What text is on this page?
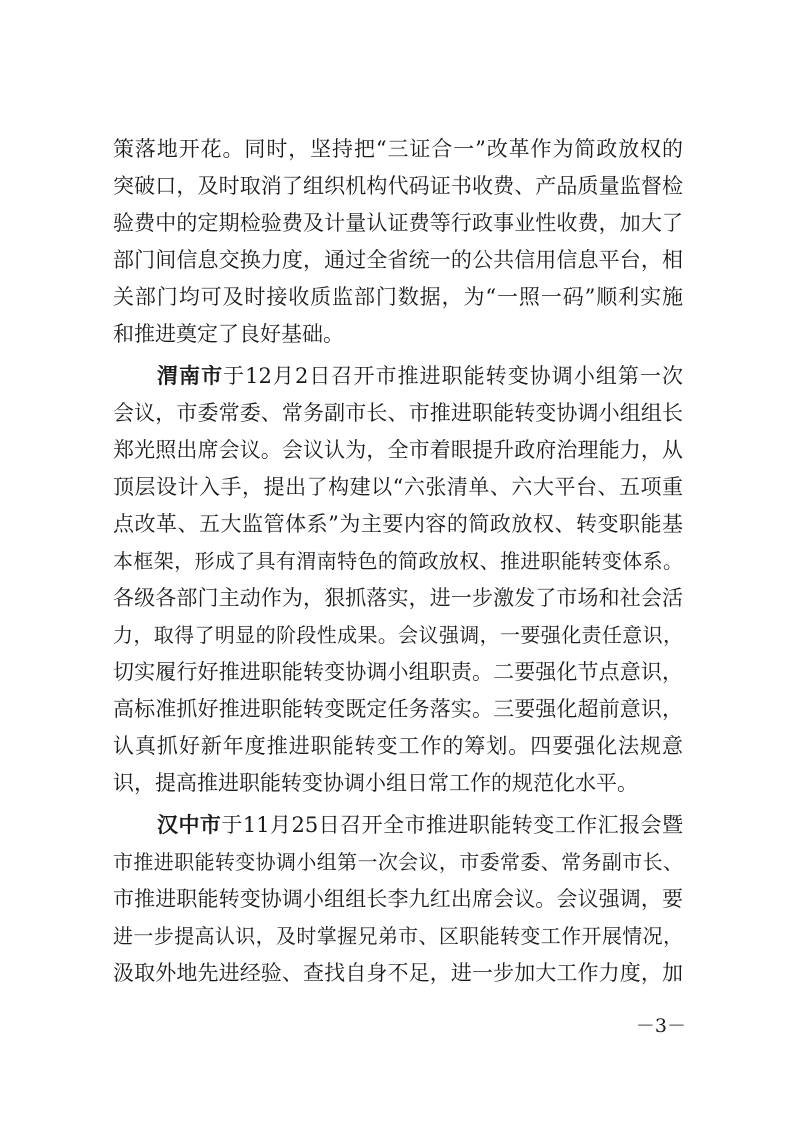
策落地开花。同时，坚持把“三证合一”改革作为简政放权的
突破口，及时取消了组织机构代码证书收费、产品质量监督检
验费中的定期检验费及计量认证费等行政事业性收费，加大了
部门间信息交换力度，通过全省统一的公共信用信息平台，相
关部门均可及时接收质监部门数据，为“一照一码”顺利实施
和推进奠定了良好基础。
渭南市于12月2日召开市推进职能转变协调小组第一次
会议，市委常委、常务副市长、市推进职能转变协调小组组长
郑光照出席会议。会议认为，全市着眼提升政府治理能力，从
顶层设计入手，提出了构建以“六张清单、六大平台、五项重
点改革、五大监管体系”为主要内容的简政放权、转变职能基
本框架，形成了具有渭南特色的简政放权、推进职能转变体系。
各级各部门主动作为，狠抓落实，进一步激发了市场和社会活
力，取得了明显的阶段性成果。会议强调，一要强化责任意识，
切实履行好推进职能转变协调小组职责。二要强化节点意识，
高标准抓好推进职能转变既定任务落实。三要强化超前意识，
认真抓好新年度推进职能转变工作的筹划。四要强化法规意
识，提高推进职能转变协调小组日常工作的规范化水平。
汉中市于11月25日召开全市推进职能转变工作汇报会暨
市推进职能转变协调小组第一次会议，市委常委、常务副市长、
市推进职能转变协调小组组长李九红出席会议。会议强调，要
进一步提高认识，及时掌握兄弟市、区职能转变工作开展情况，
汲取外地先进经验、查找自身不足，进一步加大工作力度，加
－3－
